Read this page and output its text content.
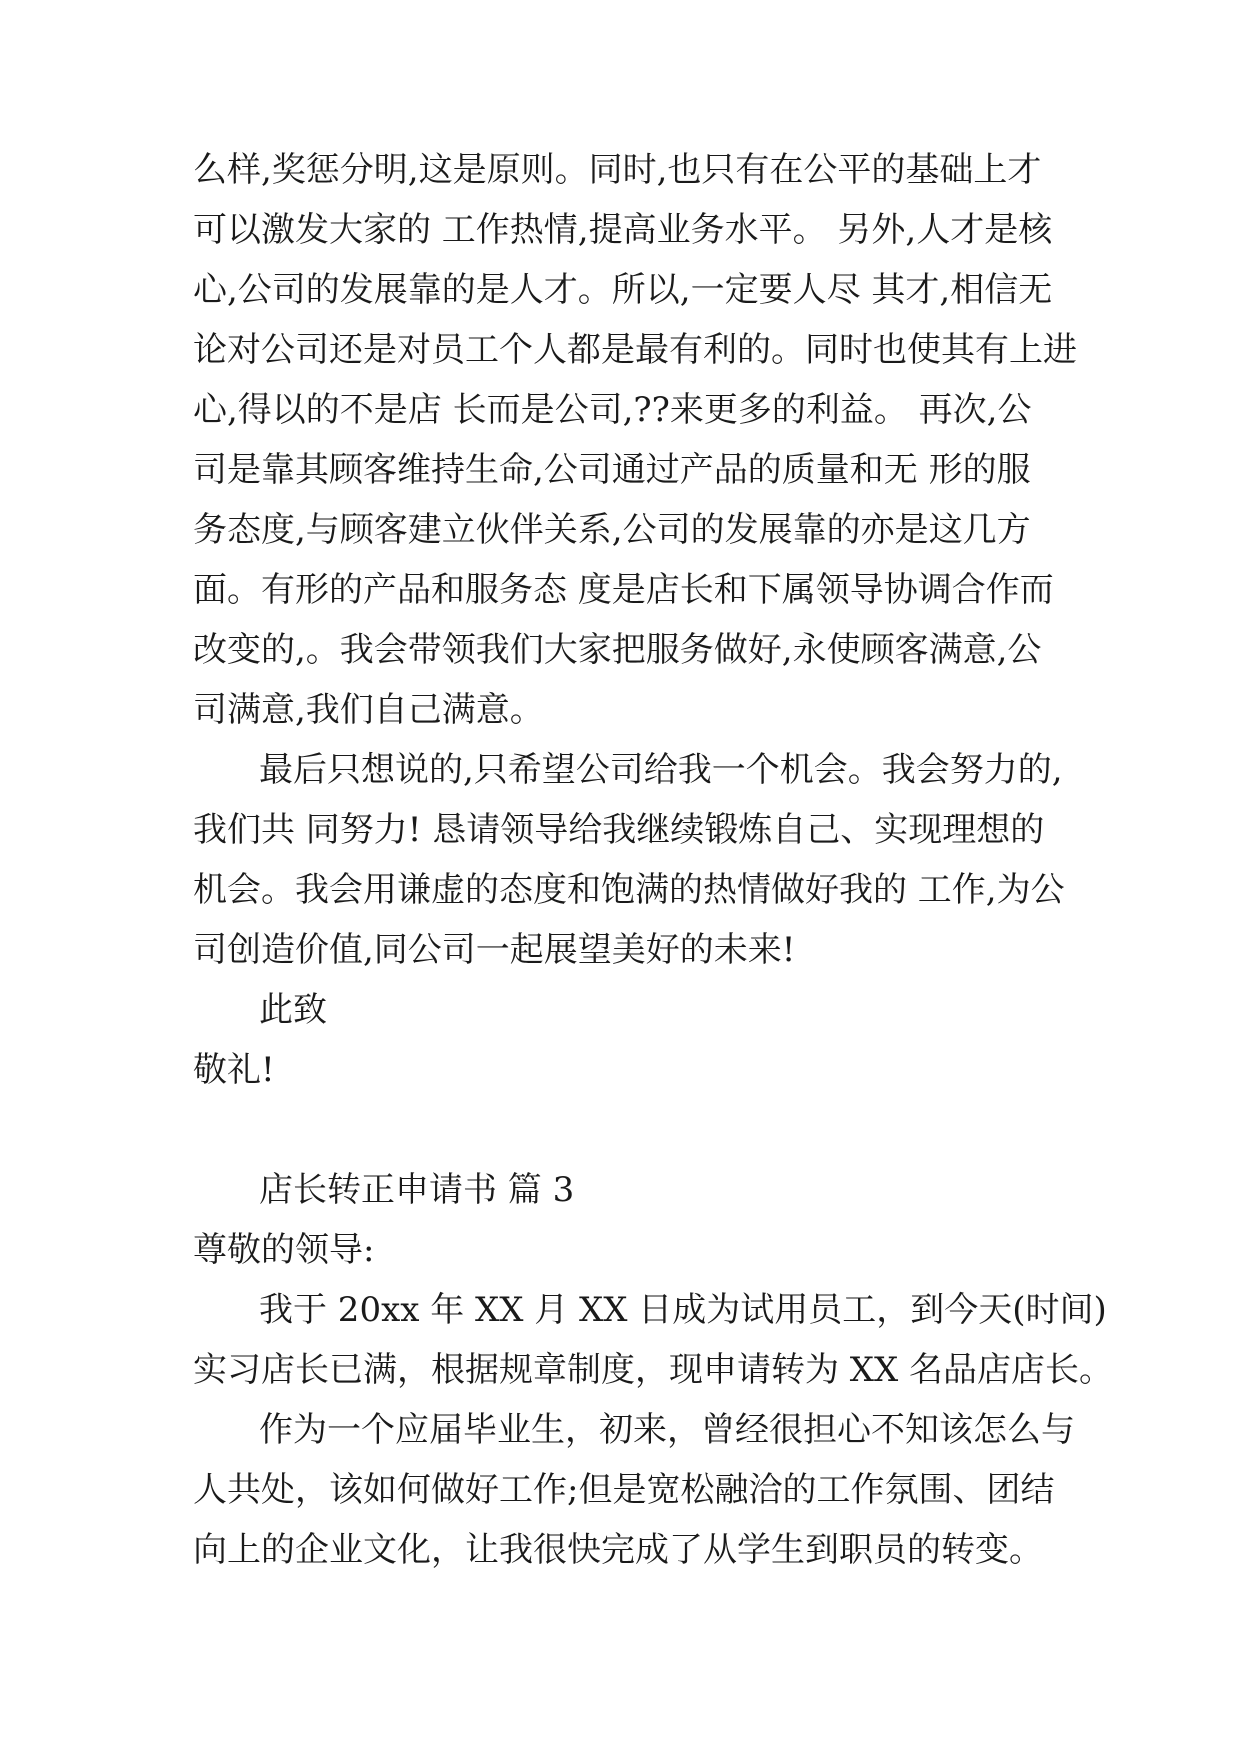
么样,奖惩分明,这是原则。同时,也只有在公平的基础上才
可以激发大家的 工作热情,提高业务水平。 另外,人才是核
心,公司的发展靠的是人才。所以,一定要人尽 其才,相信无
论对公司还是对员工个人都是最有利的。同时也使其有上进
心,得以的不是店 长而是公司,??来更多的利益。 再次,公
司是靠其顾客维持生命,公司通过产品的质量和无 形的服
务态度,与顾客建立伙伴关系,公司的发展靠的亦是这几方
面。有形的产品和服务态 度是店长和下属领导协调合作而
改变的,。我会带领我们大家把服务做好,永使顾客满意,公
司满意,我们自己满意。
最后只想说的,只希望公司给我一个机会。我会努力的,
我们共 同努力! 恳请领导给我继续锻炼自己、实现理想的
机会。我会用谦虚的态度和饱满的热情做好我的 工作,为公
司创造价值,同公司一起展望美好的未来!
此致
敬礼!
店长转正申请书 篇 3
尊敬的领导:
我于 20xx 年 XX 月 XX 日成为试用员工，到今天(时间)
实习店长已满，根据规章制度，现申请转为 XX 名品店店长。
作为一个应届毕业生，初来，曾经很担心不知该怎么与
人共处，该如何做好工作;但是宽松融洽的工作氛围、团结
向上的企业文化，让我很快完成了从学生到职员的转变。
